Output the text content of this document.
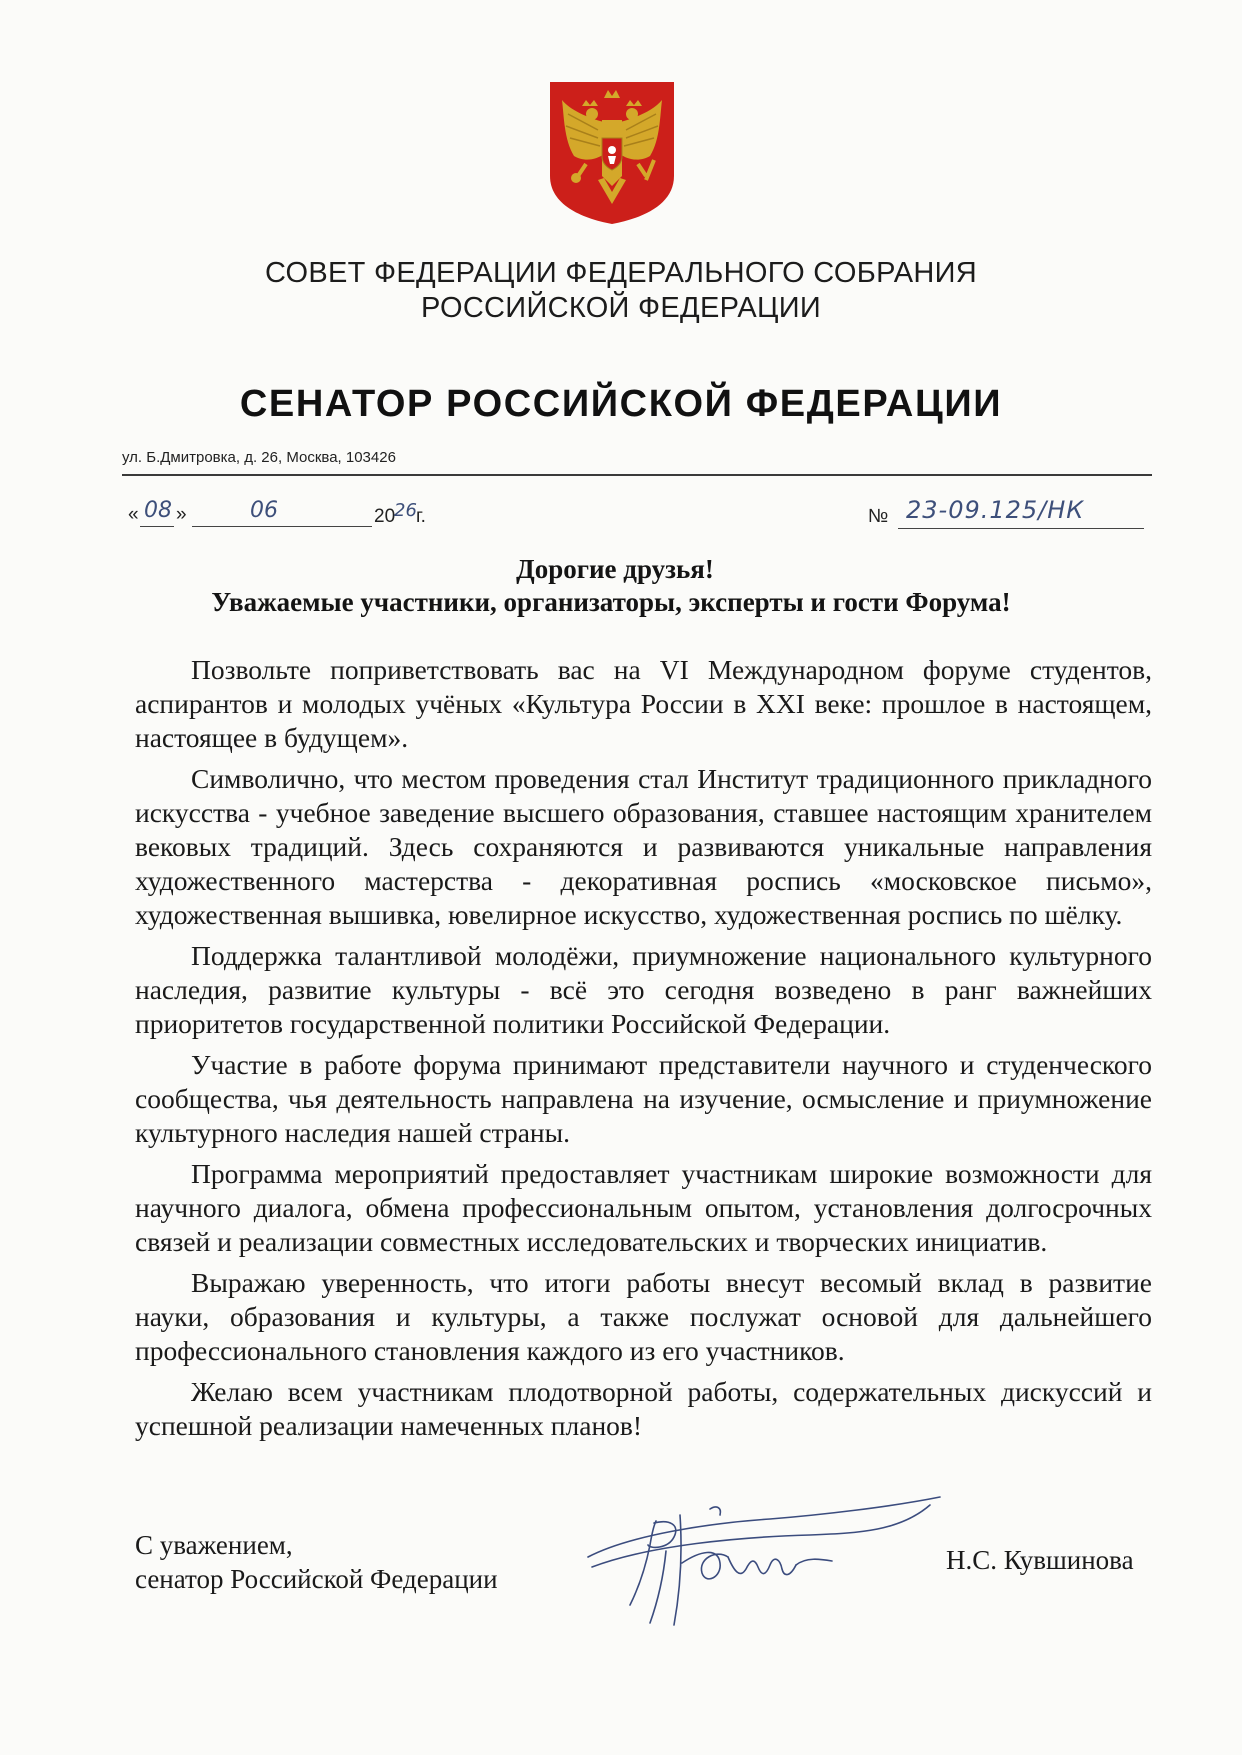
СОВЕТ ФЕДЕРАЦИИ ФЕДЕРАЛЬНОГО СОБРАНИЯ
РОССИЙСКОЙ ФЕДЕРАЦИИ
СЕНАТОР РОССИЙСКОЙ ФЕДЕРАЦИИ
ул. Б.Дмитровка, д. 26, Москва, 103426
« 08 »	06	20
26 г.	№ 23-09.125/НК
Дорогие друзья!
Уважаемые участники, организаторы, эксперты и гости Форума!

Позвольте поприветствовать вас на VI Международном форуме студентов, аспирантов и молодых учёных «Культура России в XXI веке: прошлое в настоящем, настоящее в будущем».

Символично, что местом проведения стал Институт традиционного прикладного искусства - учебное заведение высшего образования, ставшее настоящим хранителем вековых традиций. Здесь сохраняются и развиваются уникальные направления художественного мастерства - декоративная роспись «московское письмо», художественная вышивка, ювелирное искусство, художественная роспись по шёлку.

Поддержка талантливой молодёжи, приумножение национального культурного наследия, развитие культуры - всё это сегодня возведено в ранг важнейших приоритетов государственной политики Российской Федерации.

Участие в работе форума принимают представители научного и студенческого сообщества, чья деятельность направлена на изучение, осмысление и приумножение культурного наследия нашей страны.

Программа мероприятий предоставляет участникам широкие возможности для научного диалога, обмена профессиональным опытом, установления долгосрочных связей и реализации совместных исследовательских и творческих инициатив.

Выражаю уверенность, что итоги работы внесут весомый вклад в развитие науки, образования и культуры, а также послужат основой для дальнейшего профессионального становления каждого из его участников.

Желаю всем участникам плодотворной работы, содержательных дискуссий и успешной реализации намеченных планов!

С уважением,
сенатор Российской Федерации
Н.С. Кувшинова
